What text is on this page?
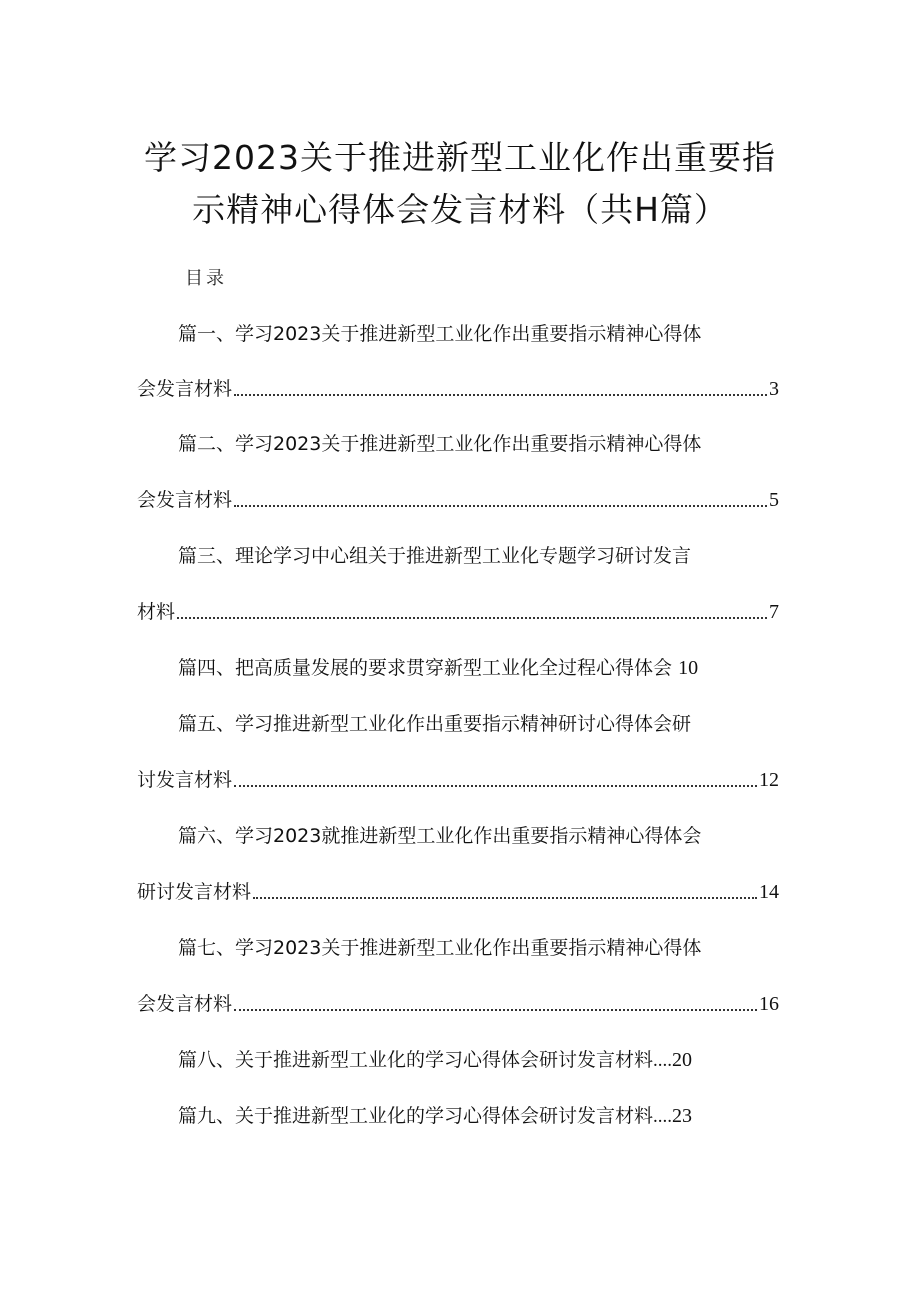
学习2023关于推进新型工业化作出重要指
示精神心得体会发言材料（共H篇）
目录
篇一、学习2023关于推进新型工业化作出重要指示精神心得体
会发言材料	3
篇二、学习2023关于推进新型工业化作出重要指示精神心得体
会发言材料	5
篇三、理论学习中心组关于推进新型工业化专题学习研讨发言
材料	7
篇四、把高质量发展的要求贯穿新型工业化全过程心得体会 10
篇五、学习推进新型工业化作出重要指示精神研讨心得体会研
讨发言材料	12
篇六、学习2023就推进新型工业化作出重要指示精神心得体会
研讨发言材料	14
篇七、学习2023关于推进新型工业化作出重要指示精神心得体
会发言材料	16
篇八、关于推进新型工业化的学习心得体会研讨发言材料....20
篇九、关于推进新型工业化的学习心得体会研讨发言材料....23
